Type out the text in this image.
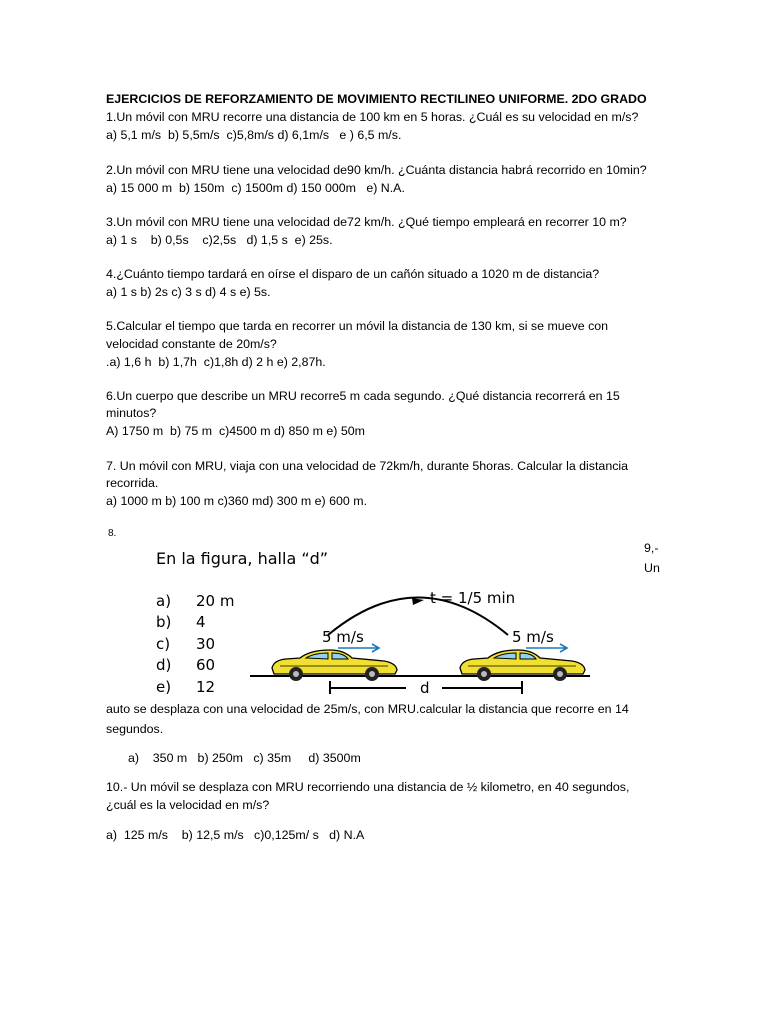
EJERCICIOS DE REFORZAMIENTO DE MOVIMIENTO RECTILINEO UNIFORME. 2DO GRADO

1.Un móvil con MRU recorre una distancia de 100 km en 5 horas. ¿Cuál es su velocidad en m/s?

a) 5,1 m/s  b) 5,5m/s  c)5,8m/s d) 6,1m/s   e ) 6,5 m/s.

2.Un móvil con MRU tiene una velocidad de90 km/h. ¿Cuánta distancia habrá recorrido en 10min?

a) 15 000 m  b) 150m  c) 1500m d) 150 000m   e) N.A.

3.Un móvil con MRU tiene una velocidad de72 km/h. ¿Qué tiempo empleará en recorrer 10 m?

a) 1 s    b) 0,5s    c)2,5s   d) 1,5 s  e) 25s.

4.¿Cuánto tiempo tardará en oírse el disparo de un cañón situado a 1020 m de distancia?

a) 1 s b) 2s c) 3 s d) 4 s e) 5s.

5.Calcular el tiempo que tarda en recorrer un móvil la distancia de 130 km, si se mueve con

velocidad constante de 20m/s?

.a) 1,6 h  b) 1,7h  c)1,8h d) 2 h e) 2,87h.

6.Un cuerpo que describe un MRU recorre5 m cada segundo. ¿Qué distancia recorrerá en 15

minutos?

A) 1750 m  b) 75 m  c)4500 m d) 850 m e) 50m

7. Un móvil con MRU, viaja con una velocidad de 72km/h, durante 5horas. Calcular la distancia

recorrida.

a) 1000 m b) 100 m c)360 md) 300 m e) 600 m.

8.

En la figura, halla “d”
a) 20 m
b) 4
c) 30
d) 60
e) 12
t = 1/5 min
5 m/s	5 m/s
d

9,-

Un

auto se desplaza con una velocidad de 25m/s, con MRU.calcular la distancia que recorre en 14

segundos.

a)    350 m   b) 250m   c) 35m     d) 3500m

10.- Un móvil se desplaza con MRU recorriendo una distancia de ½ kilometro, en 40 segundos,

¿cuál es la velocidad en m/s?

a)  125 m/s    b) 12,5 m/s   c)0,125m/ s   d) N.A
